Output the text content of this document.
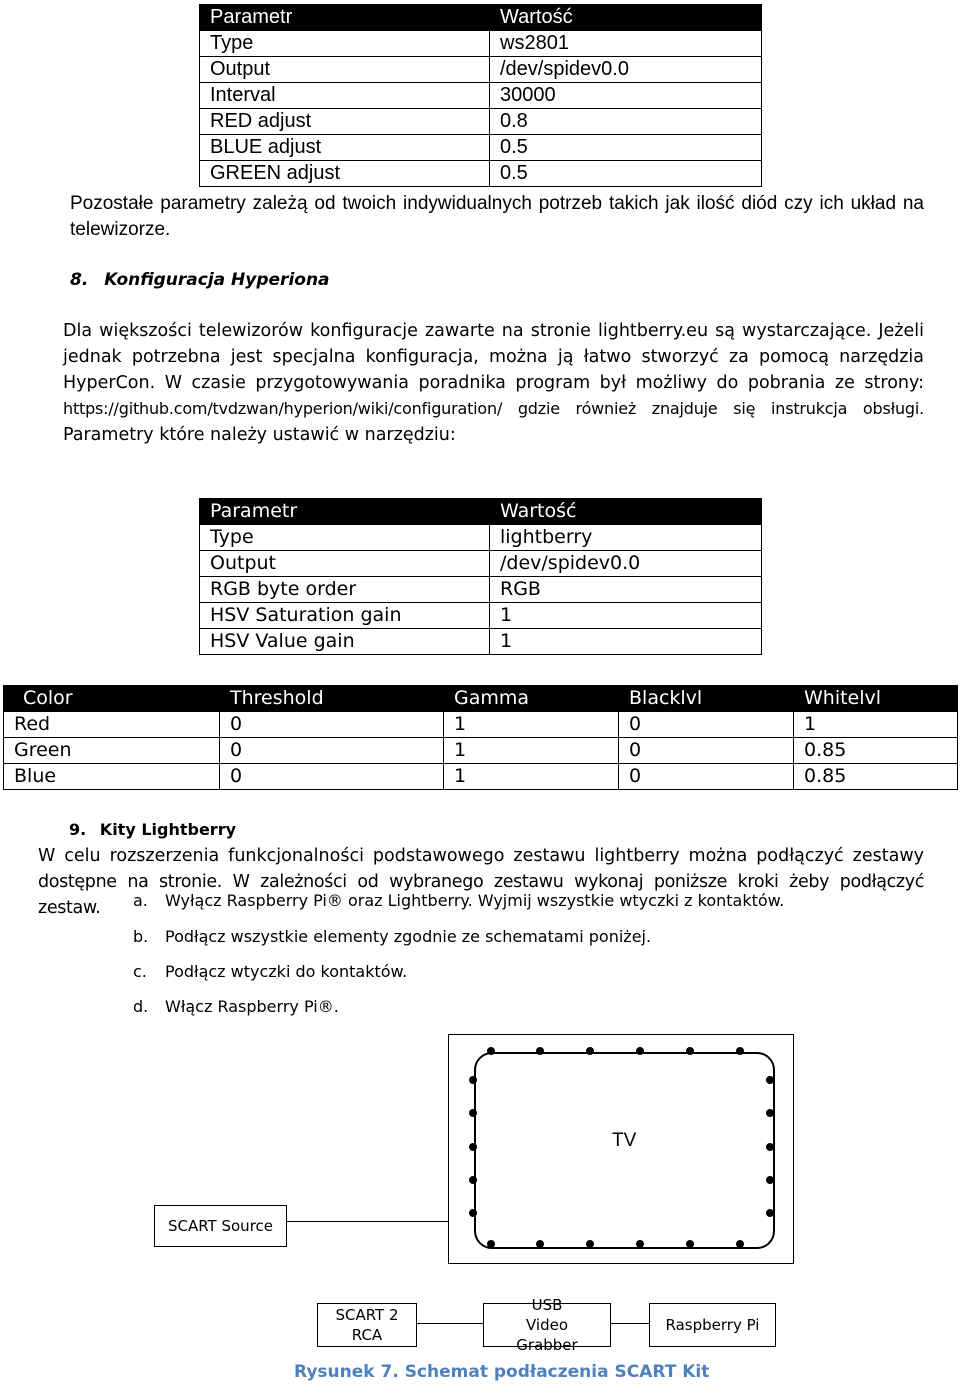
Parametr	Wartość
Type	ws2801
Output	/dev/spidev0.0
Interval	30000
RED adjust	0.8
BLUE adjust	0.5
GREEN adjust	0.5
Pozostałe parametry zależą od twoich indywidualnych potrzeb takich jak ilość diód czy ich układ na
telewizorze.
8. Konfiguracja Hyperiona
Dla większości telewizorów konfiguracje zawarte na stronie lightberry.eu są wystarczające. Jeżeli
jednak potrzebna jest specjalna konfiguracja, można ją łatwo stworzyć za pomocą narzędzia
HyperCon. W czasie przygotowywania poradnika program był możliwy do pobrania ze strony:
https://github.com/tvdzwan/hyperion/wiki/configuration/ gdzie również znajduje się instrukcja obsługi.
Parametry które należy ustawić w narzędziu:
Parametr	Wartość
Type	lightberry
Output	/dev/spidev0.0
RGB byte order	RGB
HSV Saturation gain	1
HSV Value gain	1
Color	Threshold	Gamma	Blacklvl	Whitelvl
Red	0	1	0	1
Green	0	1	0	0.85
Blue	0	1	0	0.85
9. Kity Lightberry
W celu rozszerzenia funkcjonalności podstawowego zestawu lightberry można podłączyć zestawy
dostępne na stronie. W zależności od wybranego zestawu wykonaj poniższe kroki żeby podłączyć zestaw.	a. Wyłącz Raspberry Pi® oraz Lightberry. Wyjmij wszystkie wtyczki z kontaktów.
b. Podłącz wszystkie elementy zgodnie ze schematami poniżej.
c. Podłącz wtyczki do kontaktów.
d. Włącz Raspberry Pi®.
TV
SCART Source
SCART 2 RCA
USB Video Grabber
Raspberry Pi
Rysunek 7. Schemat podłaczenia SCART Kit
